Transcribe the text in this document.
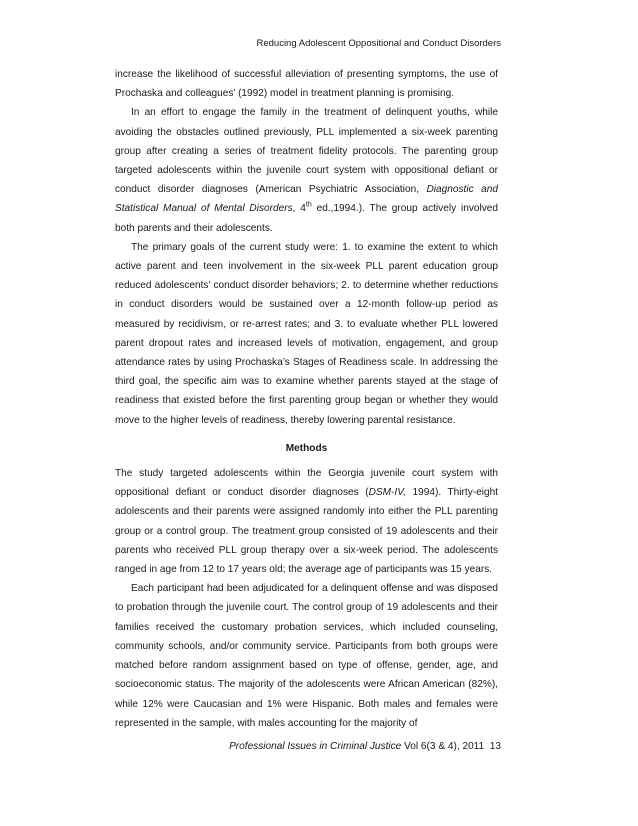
Reducing Adolescent Oppositional and Conduct Disorders

increase the likelihood of successful alleviation of presenting symptoms, the use of Prochaska and colleagues’ (1992) model in treatment planning is promising.

In an effort to engage the family in the treatment of delinquent youths, while avoiding the obstacles outlined previously, PLL implemented a six-week parenting group after creating a series of treatment fidelity protocols. The parenting group targeted adolescents within the juvenile court system with oppositional defiant or conduct disorder diagnoses (American Psychiatric Association, Diagnostic and Statistical Manual of Mental Disorders, 4th ed.,1994.). The group actively involved both parents and their adolescents.

The primary goals of the current study were: 1. to examine the extent to which active parent and teen involvement in the six-week PLL parent education group reduced adolescents’ conduct disorder behaviors; 2. to determine whether reductions in conduct disorders would be sustained over a 12-month follow-up period as measured by recidivism, or re-arrest rates; and 3. to evaluate whether PLL lowered parent dropout rates and increased levels of motivation, engagement, and group attendance rates by using Prochaska’s Stages of Readiness scale. In addressing the third goal, the specific aim was to examine whether parents stayed at the stage of readiness that existed before the first parenting group began or whether they would move to the higher levels of readiness, thereby lowering parental resistance.

Methods

The study targeted adolescents within the Georgia juvenile court system with oppositional defiant or conduct disorder diagnoses (DSM-IV, 1994). Thirty-eight adolescents and their parents were assigned randomly into either the PLL parenting group or a control group. The treatment group consisted of 19 adolescents and their parents who received PLL group therapy over a six-week period. The adolescents ranged in age from 12 to 17 years old; the average age of participants was 15 years.

Each participant had been adjudicated for a delinquent offense and was disposed to probation through the juvenile court. The control group of 19 adolescents and their families received the customary probation services, which included counseling, community schools, and/or community service. Participants from both groups were matched before random assignment based on type of offense, gender, age, and socioeconomic status. The majority of the adolescents were African American (82%), while 12% were Caucasian and 1% were Hispanic. Both males and females were represented in the sample, with males accounting for the majority of

Professional Issues in Criminal Justice Vol 6(3 & 4), 2011 13
